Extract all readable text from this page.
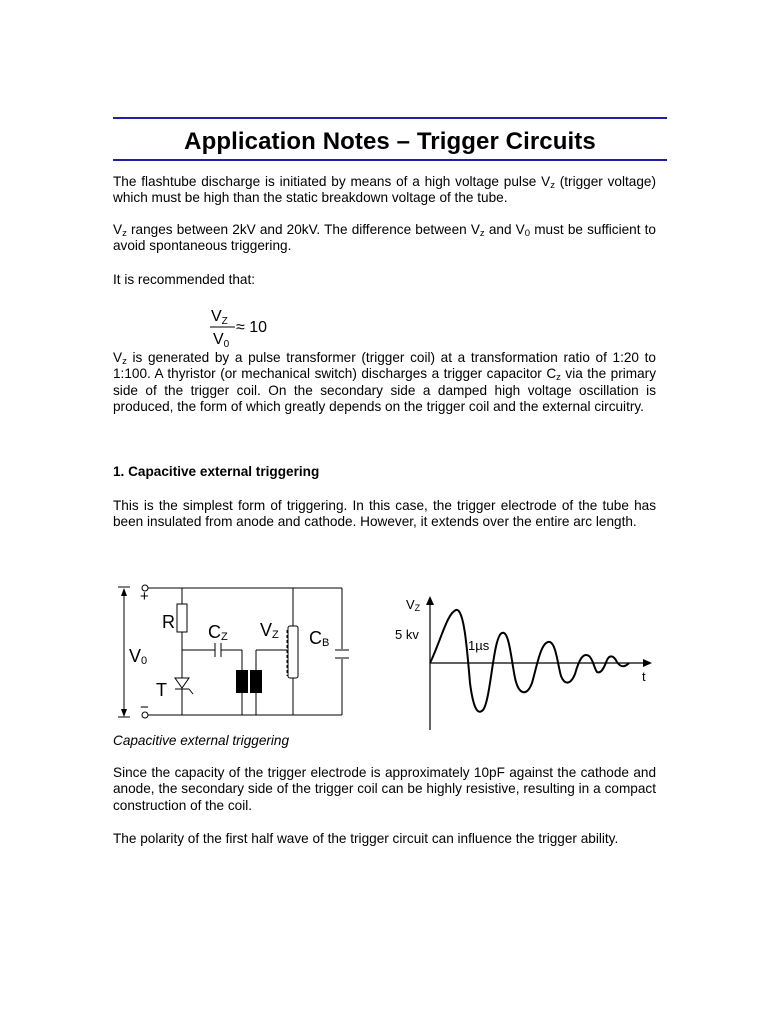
Application Notes – Trigger Circuits

The flashtube discharge is initiated by means of a high voltage pulse $V_z$ (trigger voltage) which must be high than the static breakdown voltage of the tube.

$V_z$ ranges between 2kV and 20kV. The difference between $V_z$ and $V_0$ must be sufficient to avoid spontaneous triggering.

It is recommended that:

VZ
V0
≈ 10

$V_z$ is generated by a pulse transformer (trigger coil) at a transformation ratio of 1:20 to 1:100. A thyristor (or mechanical switch) discharges a trigger capacitor $C_z$ via the primary side of the trigger coil. On the secondary side a damped high voltage oscillation is produced, the form of which greatly depends on the trigger coil and the external circuitry.

1. Capacitive external triggering

This is the simplest form of triggering. In this case, the trigger electrode of the tube has been insulated from anode and cathode. However, it extends over the entire arc length.

+
−
R CZ VZ CB
V0
T
VZ
5 kv
1µs
t
Capacitive external triggering

Since the capacity of the trigger electrode is approximately 10pF against the cathode and anode, the secondary side of the trigger coil can be highly resistive, resulting in a compact construction of the coil.

The polarity of the first half wave of the trigger circuit can influence the trigger ability.
